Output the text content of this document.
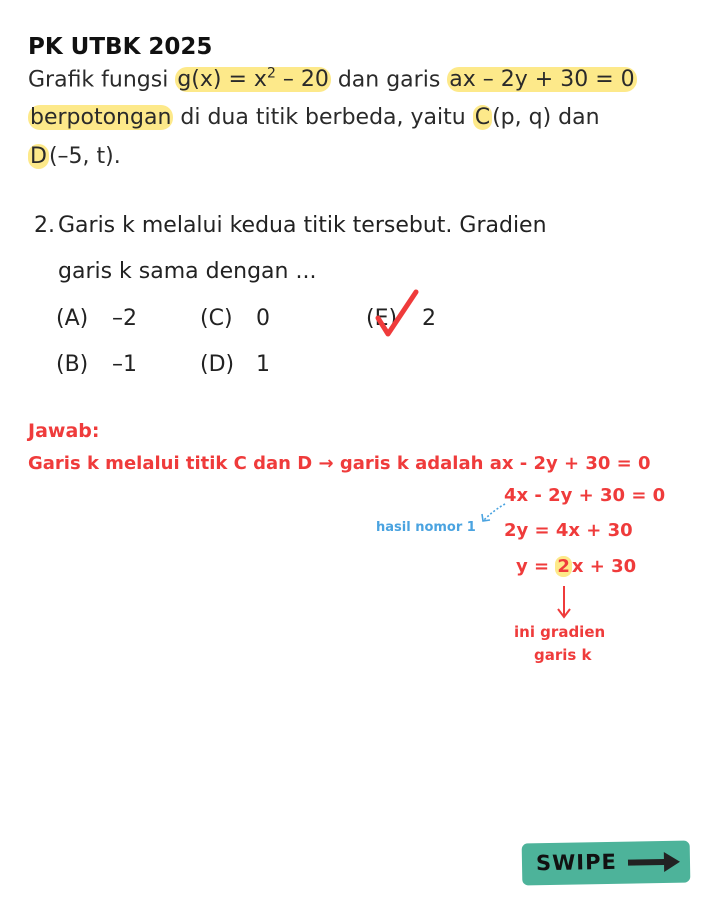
PK UTBK 2025
Grafik fungsi $g(x) = x^2 - 20$ dan garis ax – 2y + 30 = 0
berpotongan di dua titik berbeda, yaitu C(p, q) dan
D(–5, t).
2. Garis k melalui kedua titik tersebut. Gradien
garis k sama dengan ...
(A) –2
(B) –1
(C) 0
(D) 1
(E) 2
Jawab:
Garis k melalui titik C dan D → garis k adalah ax - 2y + 30 = 0
4x - 2y + 30 = 0
2y = 4x + 30
y = 2 x + 30
hasil nomor 1
ini gradien
garis k
SWIPE
